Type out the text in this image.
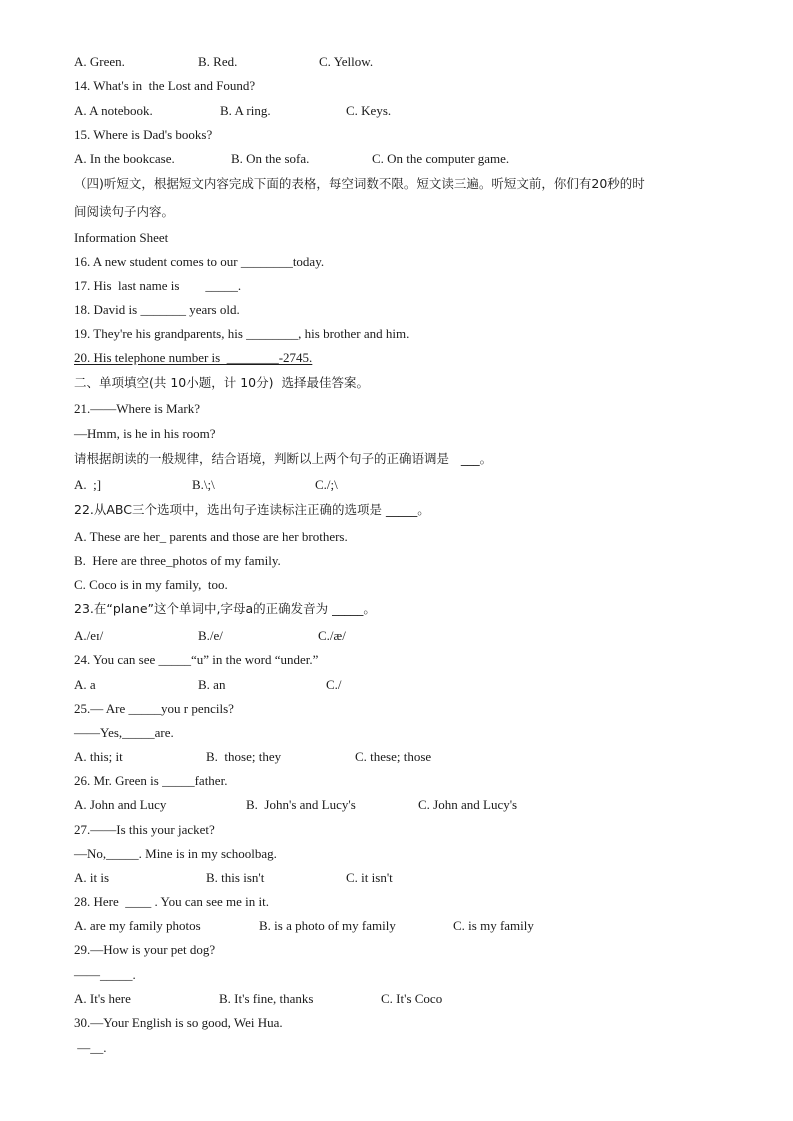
A. Green.	B. Red.	C. Yellow.
14. What's in  the Lost and Found?
A. A notebook.	B. A ring.	C. Keys.
15. Where is Dad's books?
A. In the bookcase.	B. On the sofa.	C. On the computer game.
（四)听短文，根据短文内容完成下面的表格，每空词数不限。短文读三遍。听短文前，你们有20秒的时
间阅读句子内容。
Information Sheet
16. A new student comes to our ________today.
17. His  last name is        _____.
18. David is _______ years old.
19. They're his grandparents, his ________, his brother and him.
20. His telephone number is  ________-2745.
二、单项填空(共 10小题，计 10分)  选择最佳答案。
21.——Where is Mark?
—Hmm, is he in his room?
请根据朗读的一般规律，结合语境，判断以上两个句子的正确语调是   ___。
A.  ;]	B.\;\	C./;\
22.从ABC三个选项中，选出句子连读标注正确的选项是 _____。
A. These are her_ parents and those are her brothers.
B.  Here are three_photos of my family.
C. Coco is in my family,  too.
23.在“plane”这个单词中,字母a的正确发音为 _____。
A./eɪ/	B./e/	C./æ/
24. You can see _____“u” in the word “under.”
A. a	B. an	C./
25.— Are _____you r pencils?
——Yes,_____are.
A. this; it	B.  those; they	C. these; those
26. Mr. Green is _____father.
A. John and Lucy	B.  John's and Lucy's	C. John and Lucy's
27.——Is this your jacket?
—No,_____. Mine is in my schoolbag.
A. it is	B. this isn't	C. it isn't
28. Here  ____ . You can see me in it.
A. are my family photos	B. is a photo of my family	C. is my family
29.—How is your pet dog?
——_____.
A. It's here	B. It's fine, thanks	C. It's Coco
30.—Your English is so good, Wei Hua.
—__.
